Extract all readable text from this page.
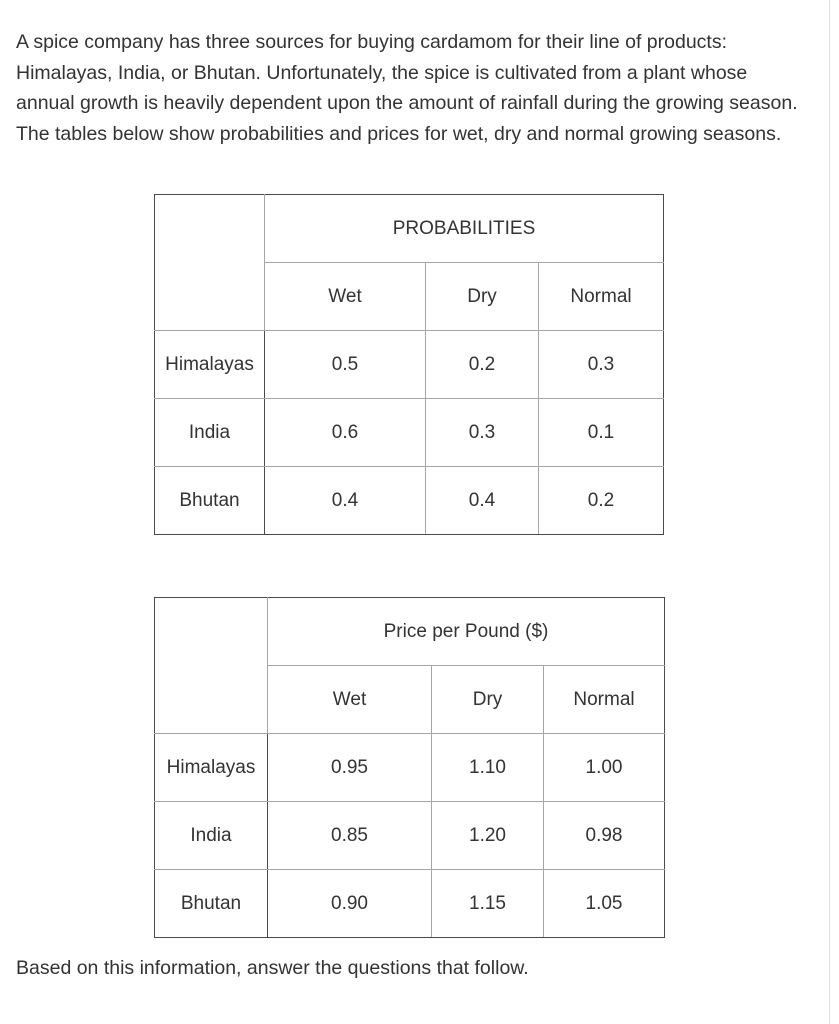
A spice company has three sources for buying cardamom for their line of products: Himalayas, India, or Bhutan. Unfortunately, the spice is cultivated from a plant whose annual growth is heavily dependent upon the amount of rainfall during the growing season. The tables below show probabilities and prices for wet, dry and normal growing seasons.

	PROBABILITIES		
	Wet	Dry	Normal
Himalayas	0.5	0.2	0.3
India	0.6	0.3	0.1
Bhutan	0.4	0.4	0.2
	Price per Pound ($)		
	Wet	Dry	Normal
Himalayas	0.95	1.10	1.00
India	0.85	1.20	0.98
Bhutan	0.90	1.15	1.05

Based on this information, answer the questions that follow.
